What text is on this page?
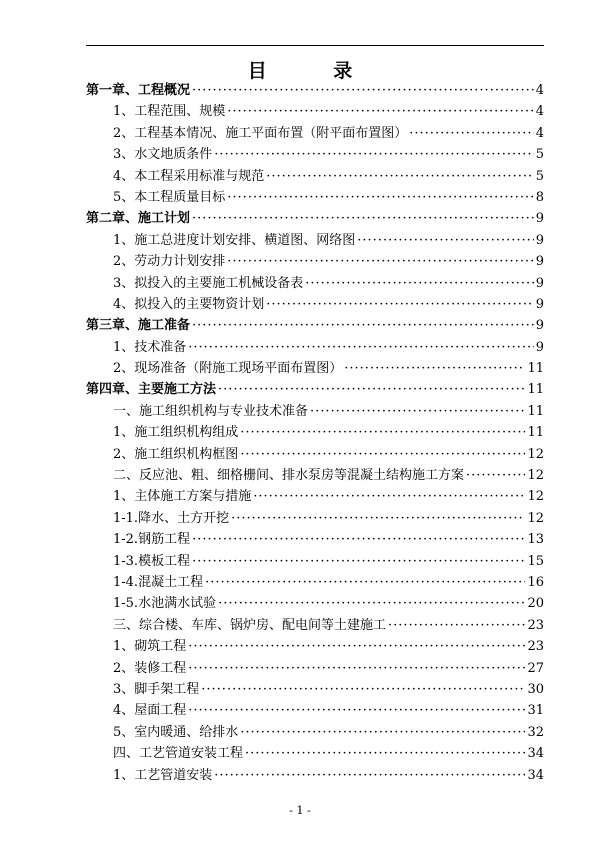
目 录
第一章、工程概况 ·····	4
1、工程范围、规模 ·····	4
2、工程基本情况、施工平面布置（附平面布置图） ·····	4
3、水文地质条件 ·····	5
4、本工程采用标准与规范 ·····	5
5、本工程质量目标 ·····	8
第二章、施工计划 ·····	9
1、施工总进度计划安排、横道图、网络图 ·····	9
2、劳动力计划安排 ·····	9
3、拟投入的主要施工机械设备表 ·····	9
4、拟投入的主要物资计划 ·····	9
第三章、施工准备 ·····	9
1、技术准备 ·····	9
2、现场准备（附施工现场平面布置图） ·····	11
第四章、主要施工方法 ·····	11
一、施工组织机构与专业技术准备 ·····	11
1、施工组织机构组成 ·····	11
2、施工组织机构框图 ·····	12
二、反应池、粗、细格栅间、排水泵房等混凝土结构施工方案 ·····	12
1、主体施工方案与措施 ·····	12
1-1.降水、土方开挖 ·····	12
1-2.钢筋工程 ·····	13
1-3.模板工程 ·····	15
1-4.混凝土工程 ·····	16
1-5.水池满水试验 ·····	20
三、综合楼、车库、锅炉房、配电间等土建施工 ·····	23
1、砌筑工程 ·····	23
2、装修工程 ·····	27
3、脚手架工程 ·····	30
4、屋面工程 ·····	31
5、室内暖通、给排水 ·····	32
四、工艺管道安装工程 ·····	34
1、工艺管道安装 ·····	34
- 1 -
